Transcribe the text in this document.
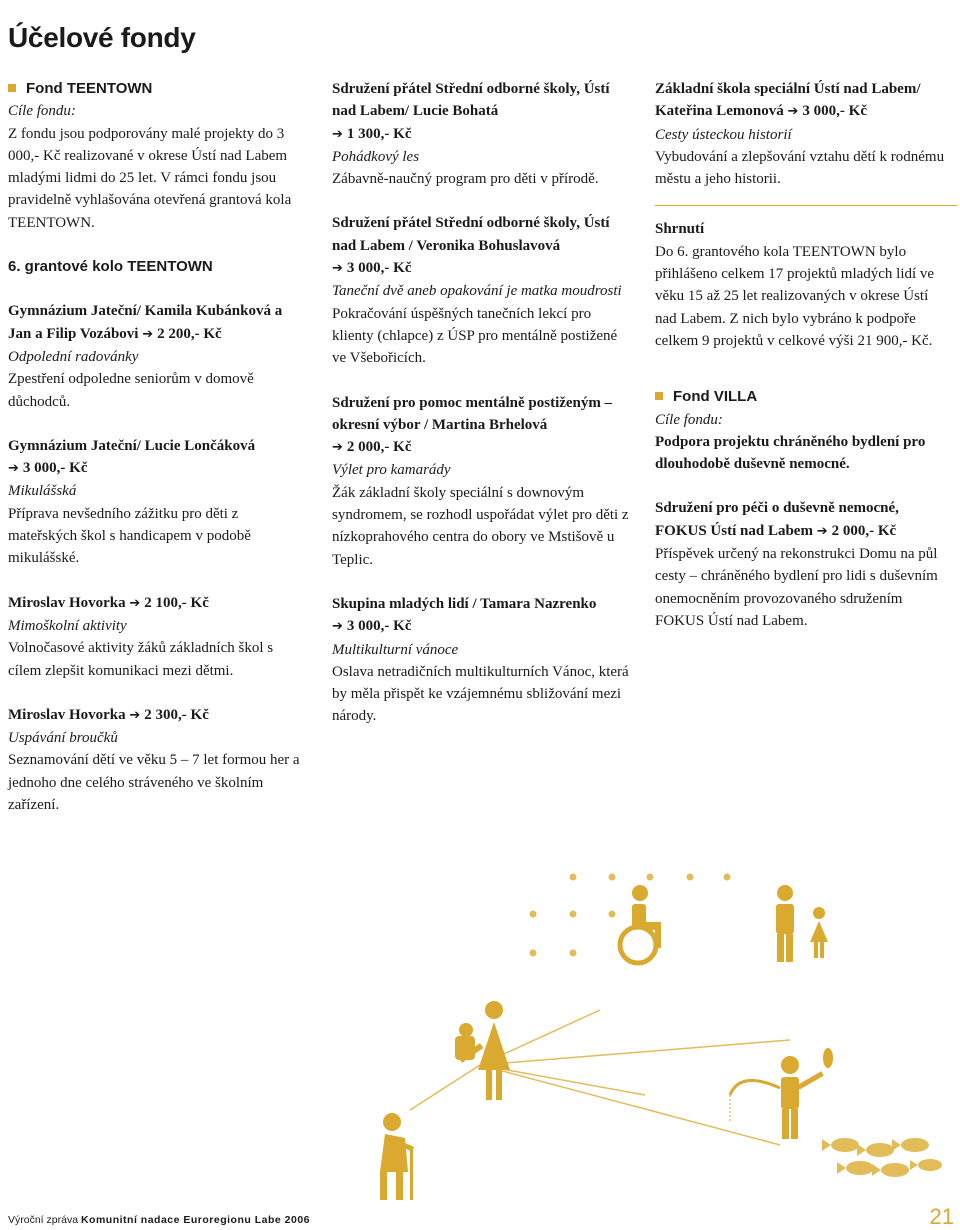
Účelové fondy

Fond TEENTOWN

Cíle fondu:

Z fondu jsou podporovány malé projekty do 3 000,- Kč realizované v okrese Ústí nad Labem mladými lidmi do 25 let. V rámci fondu jsou pravidelně vyhlašována otevřená grantová kola TEENTOWN.

6. grantové kolo TEENTOWN

Gymnázium Jateční/ Kamila Kubánková a Jan a Filip Vozábovi ➔ 2 200,- Kč

Odpolední radovánky

Zpestření odpoledne seniorům v domově důchodců.

Gymnázium Jateční/ Lucie Lončáková

➔ 3 000,- Kč

Mikulášská

Příprava nevšedního zážitku pro děti z mateřských škol s handicapem v podobě mikulášské.

Miroslav Hovorka ➔ 2 100,- Kč

Mimoškolní aktivity

Volnočasové aktivity žáků základních škol s cílem zlepšit komunikaci mezi dětmi.

Miroslav Hovorka ➔ 2 300,- Kč

Uspávání broučků

Seznamování dětí ve věku 5 – 7 let formou her a jednoho dne celého stráveného ve školním zařízení.

Sdružení přátel Střední odborné školy, Ústí nad Labem/ Lucie Bohatá

➔ 1 300,- Kč

Pohádkový les

Zábavně-naučný program pro děti v přírodě.

Sdružení přátel Střední odborné školy, Ústí nad Labem / Veronika Bohuslavová

➔ 3 000,- Kč

Taneční dvě aneb opakování je matka moudrosti

Pokračování úspěšných tanečních lekcí pro klienty (chlapce) z ÚSP pro mentálně postižené ve Všebořicích.

Sdružení pro pomoc mentálně postiženým – okresní výbor / Martina Brhelová

➔ 2 000,- Kč

Výlet pro kamarády

Žák základní školy speciální s downovým syndromem, se rozhodl uspořádat výlet pro děti z nízkoprahového centra do obory ve Mstišově u Teplic.

Skupina mladých lidí / Tamara Nazrenko

➔ 3 000,- Kč

Multikulturní vánoce

Oslava netradičních multikulturních Vánoc, která by měla přispět ke vzájemnému sbližování mezi národy.

Základní škola speciální Ústí nad Labem/ Kateřina Lemonová ➔ 3 000,- Kč

Cesty ústeckou historií

Vybudování a zlepšování vztahu dětí k rodnému městu a jeho historii.

Shrnutí

Do 6. grantového kola TEENTOWN bylo přihlášeno celkem 17 projektů mladých lidí ve věku 15 až 25 let realizovaných v okrese Ústí nad Labem. Z nich bylo vybráno k podpoře celkem 9 projektů v celkové výši 21 900,- Kč.

Fond VILLA

Cíle fondu:

Podpora projektu chráněného bydlení pro dlouhodobě duševně nemocné.

Sdružení pro péči o duševně nemocné, FOKUS Ústí nad Labem ➔ 2 000,- Kč

Příspěvek určený na rekonstrukci Domu na půl cesty – chráněného bydlení pro lidi s duševním onemocněním provozovaného sdružením FOKUS Ústí nad Labem.

Výroční zpráva Komunitní nadace Euroregionu Labe 2006	21
